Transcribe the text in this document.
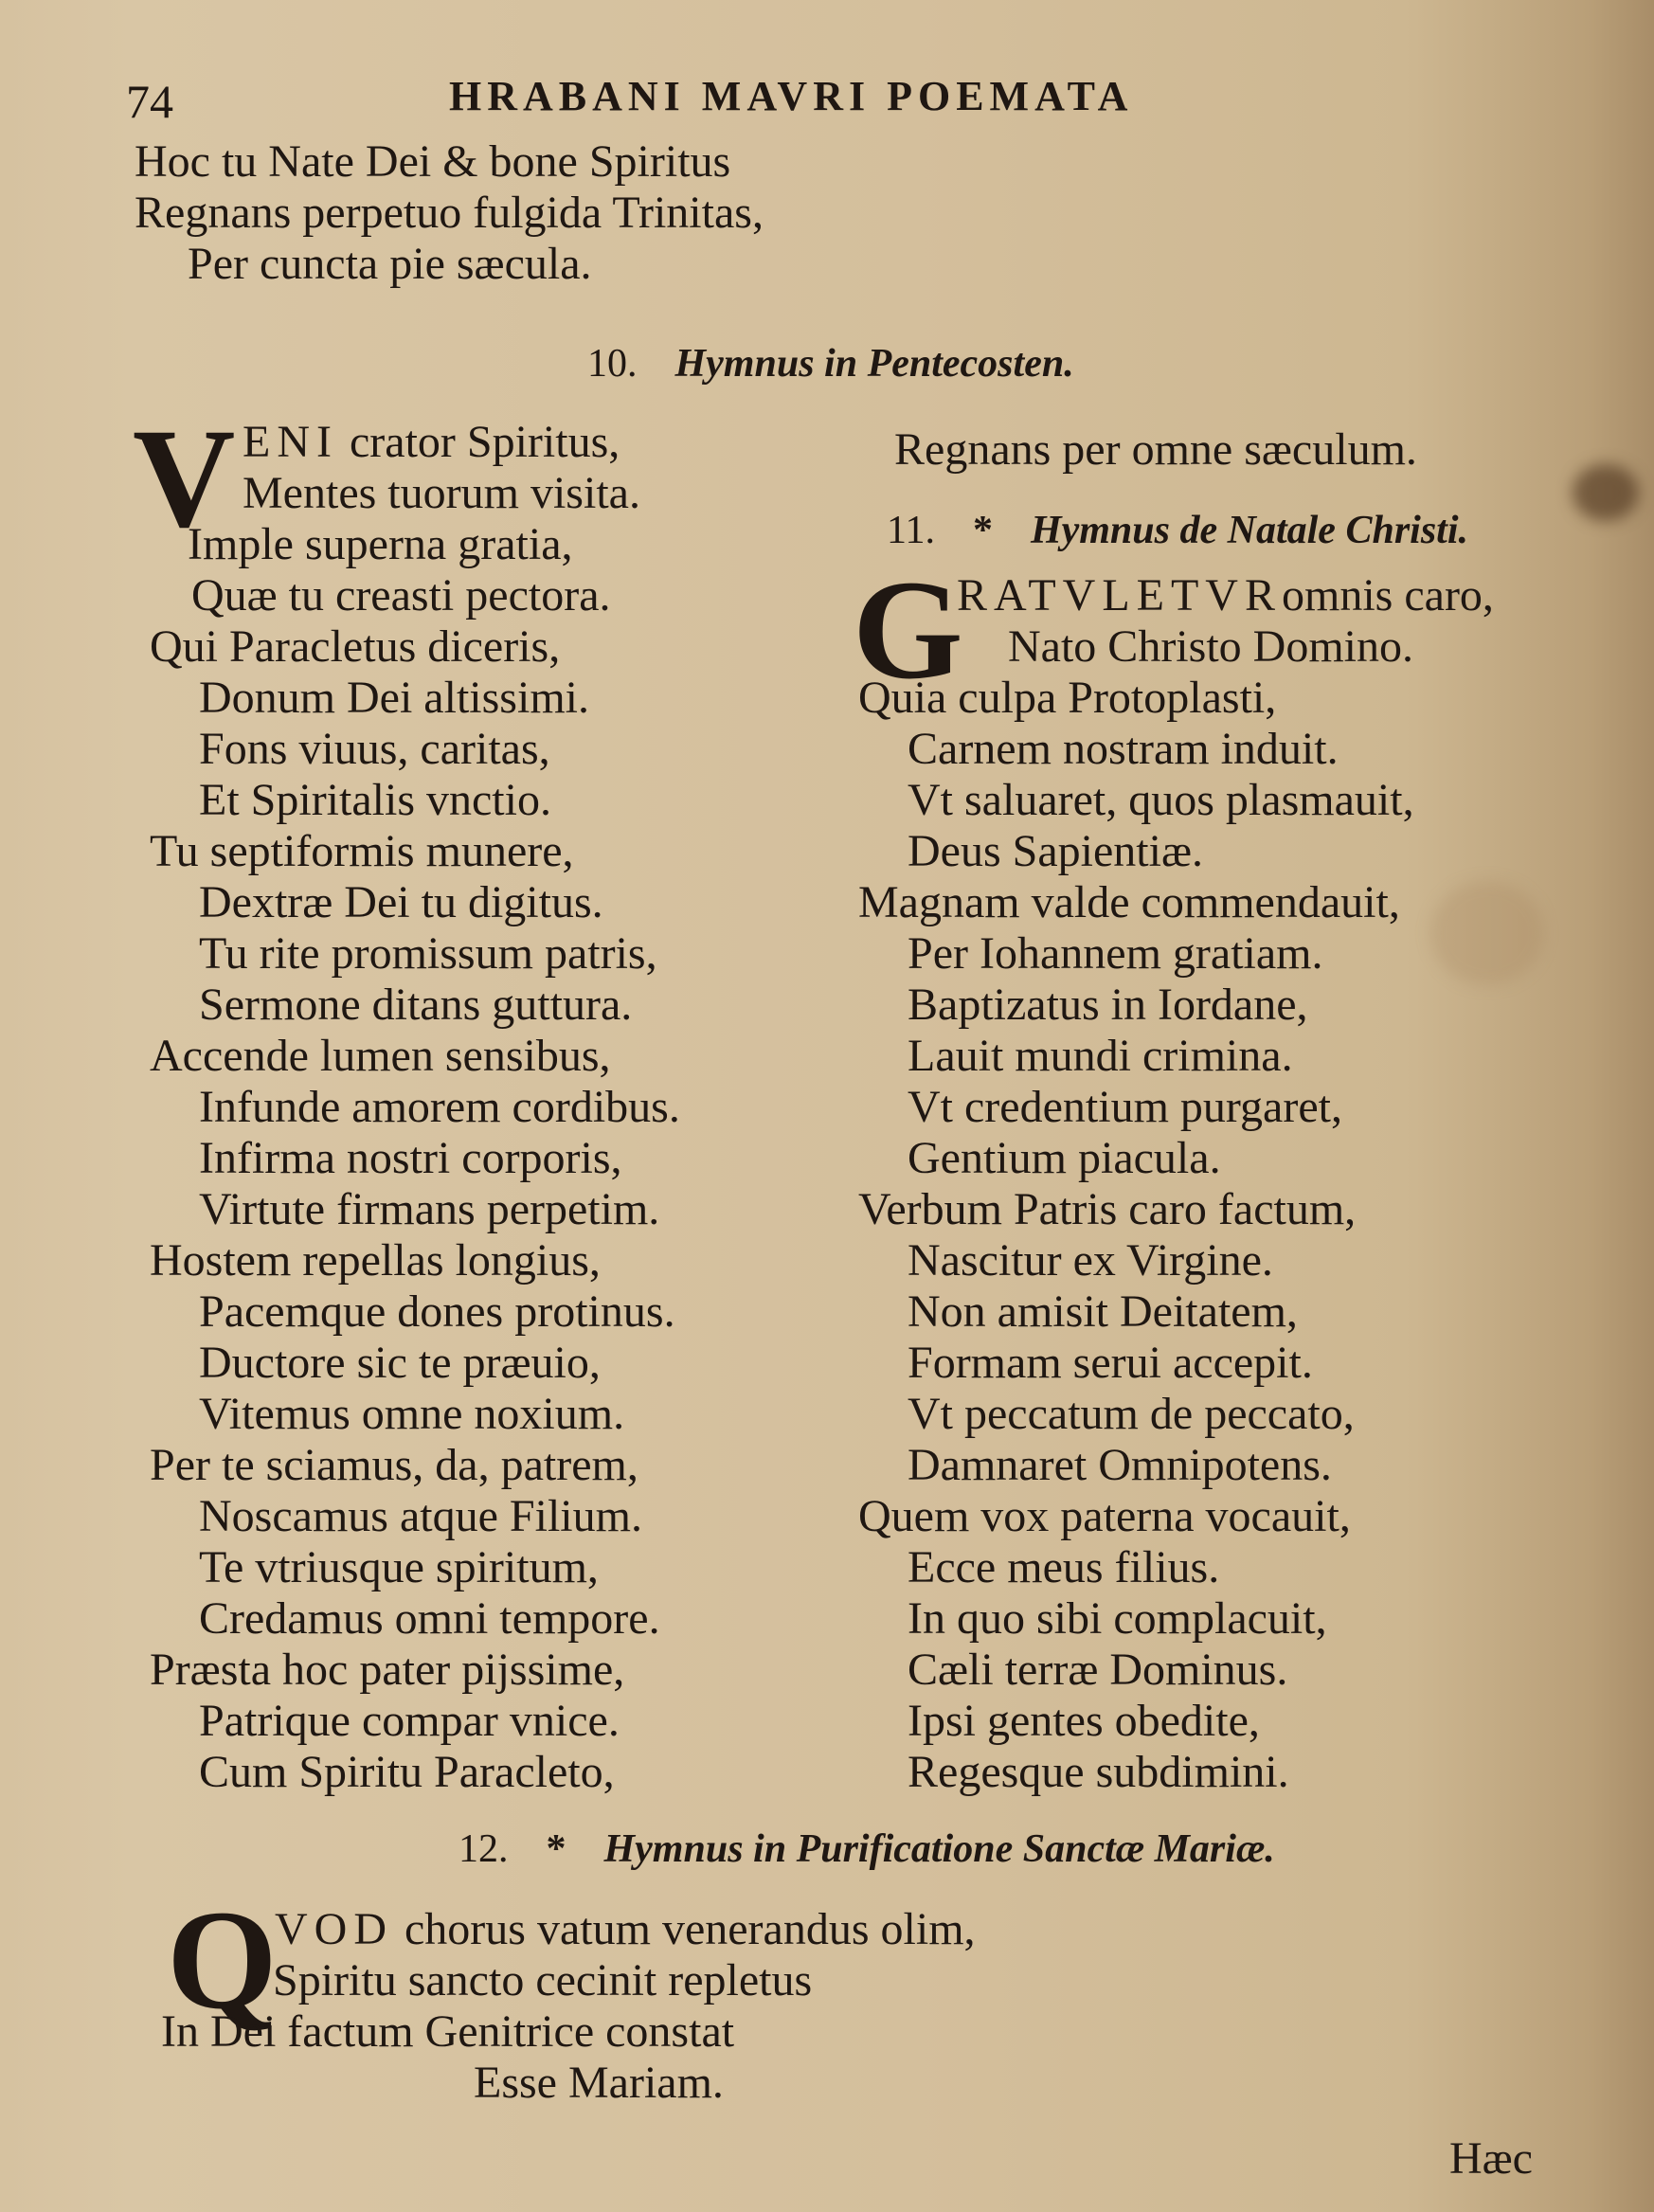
74	HRABANI MAVRI POEMATA
Hoc tu Nate Dei & bone Spiritus
Regnans perpetuo fulgida Trinitas,
Per cuncta pie sæcula.
10. Hymnus in Pentecosten.
V ENI crator Spiritus,
Mentes tuorum visita.
Imple superna gratia,
Quæ tu creasti pectora.
Qui Paracletus diceris,
Donum Dei altissimi.
Fons viuus, caritas,
Et Spiritalis vnctio.
Tu septiformis munere,
Dextræ Dei tu digitus.
Tu rite promissum patris,
Sermone ditans guttura.
Accende lumen sensibus,
Infunde amorem cordibus.
Infirma nostri corporis,
Virtute firmans perpetim.
Hostem repellas longius,
Pacemque dones protinus.
Ductore sic te præuio,
Vitemus omne noxium.
Per te sciamus, da, patrem,
Noscamus atque Filium.
Te vtriusque spiritum,
Credamus omni tempore.
Præsta hoc pater pijssime,
Patrique compar vnice.
Cum Spiritu Paracleto,
Regnans per omne sæculum.
11. * Hymnus de Natale Christi.
G
RATVLETVRomnis caro,
Nato Christo Domino.
Quia culpa Protoplasti,
Carnem nostram induit.
Vt saluaret, quos plasmauit,
Deus Sapientiæ.
Magnam valde commendauit,
Per Iohannem gratiam.
Baptizatus in Iordane,
Lauit mundi crimina.
Vt credentium purgaret,
Gentium piacula.
Verbum Patris caro factum,
Nascitur ex Virgine.
Non amisit Deitatem,
Formam serui accepit.
Vt peccatum de peccato,
Damnaret Omnipotens.
Quem vox paterna vocauit,
Ecce meus filius.
In quo sibi complacuit,
Cæli terræ Dominus.
Ipsi gentes obedite,
Regesque subdimini.
12. * Hymnus in Purificatione Sanctæ Mariæ.
Q
VOD chorus vatum venerandus olim,
Spiritu sancto cecinit repletus
In Dei factum Genitrice constat
Esse Mariam.
Hæc
